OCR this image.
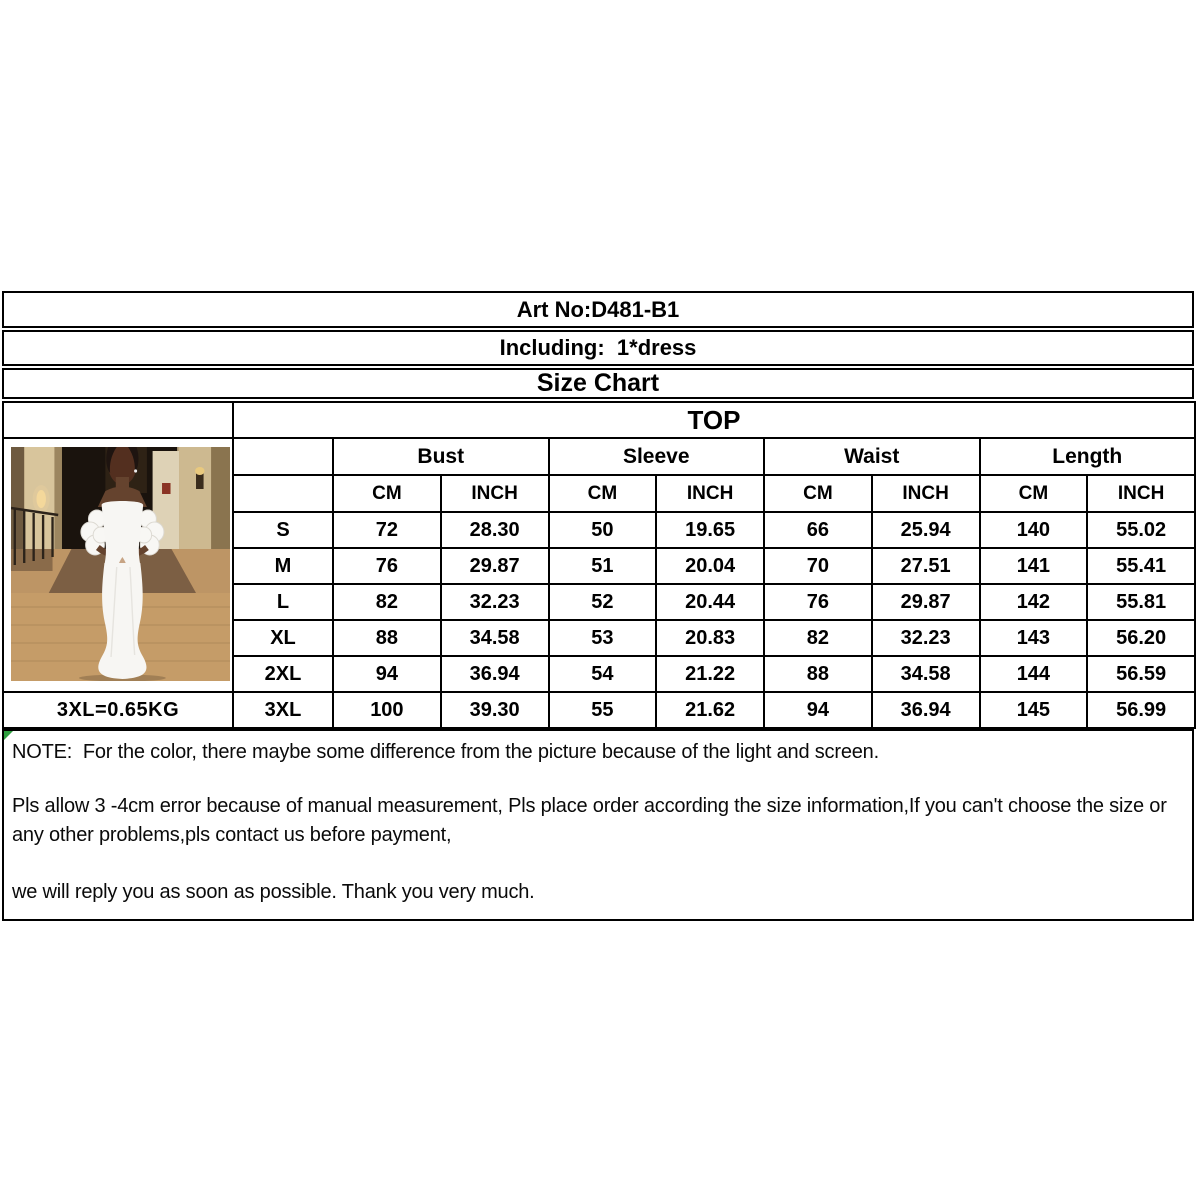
Art No:D481-B1
Including:  1*dress
Size Chart
	TOP								

		Bust		Sleeve		Waist		Length	
		CM	INCH	CM	INCH	CM	INCH	CM	INCH
	S	72	28.30	50	19.65	66	25.94	140	55.02
	M	76	29.87	51	20.04	70	27.51	141	55.41
	L	82	32.23	52	20.44	76	29.87	142	55.81
	XL	88	34.58	53	20.83	82	32.23	143	56.20
	2XL	94	36.94	54	21.22	88	34.58	144	56.59
3XL=0.65KG	3XL	100	39.30	55	21.62	94	36.94	145	56.99

NOTE:  For the color, there maybe some difference from the picture because of the light and screen.

Pls allow 3 -4cm error because of manual measurement, Pls place order according the size information,If you can't choose the size or any other problems,pls contact us before payment,

we will reply you as soon as possible. Thank you very much.
